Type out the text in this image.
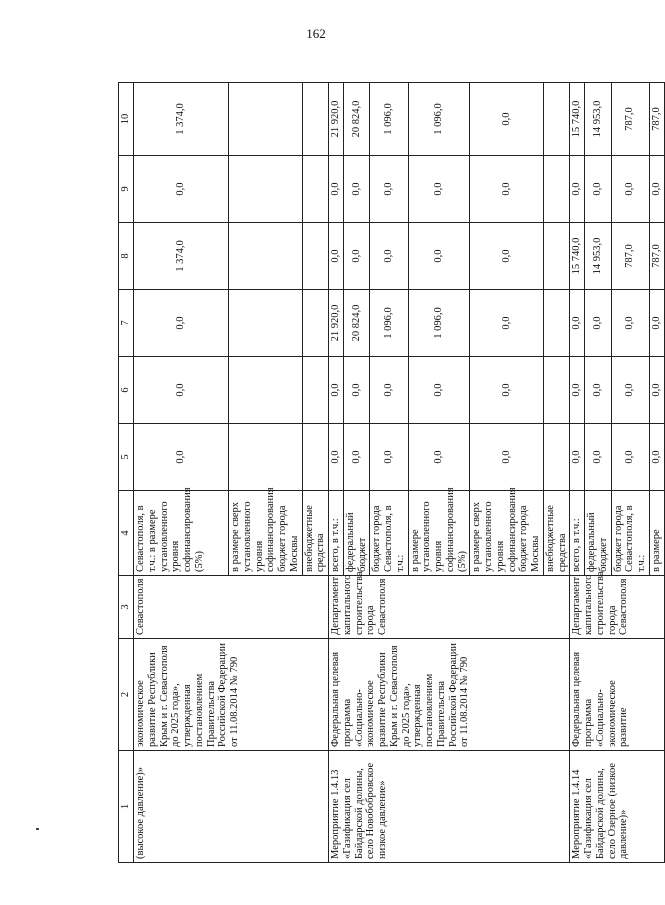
162
1	2	3	4	5	6	7	8	9	10
(высокое давление)»	экономическое развитие Республики Крым и г. Севастополя до 2025 года», утвержденная постановлением Правительства Российской Федерации от 11.08.2014 № 790	Севастополя	Севастополя, в т.ч.: в размере установленного уровня софинансирования (5%)	0,0	0,0	0,0	1 374,0	0,0	1 374,0
			в размере сверх установленного уровня софинансирования бюджет города Москвы						
			внебюджетные средства						
Мероприятие 1.4.13 «Газификация сел Байдарской долины, село Новобобровское низкое давление»	Федеральная целевая программа «Социально-экономическое развитие Республики Крым и г. Севастополя до 2025 года», утвержденная постановлением Правительства Российской Федерации от 11.08.2014 № 790	Департамент капитального строительства города Севастополя	всего, в т.ч.:	0,0	0,0	21 920,0	0,0	0,0	21 920,0
			федеральный бюджет	0,0	0,0	20 824,0	0,0	0,0	20 824,0
			бюджет города Севастополя, в т.ч.:	0,0	0,0	1 096,0	0,0	0,0	1 096,0
			в размере установленного уровня софинансирования (5%)	0,0	0,0	1 096,0	0,0	0,0	1 096,0
			в размере сверх установленного уровня софинансирования бюджет города Москвы	0,0	0,0	0,0	0,0	0,0	0,0
			внебюджетные средства						
Мероприятие 1.4.14 «Газификация сел Байдарской долины, село Озерное (низкое давление)»	Федеральная целевая программа «Социально-экономическое развитие	Департамент капитального строительства города Севастополя	всего, в т.ч.:	0,0	0,0	0,0	15 740,0	0,0	15 740,0
			федеральный бюджет	0,0	0,0	0,0	14 953,0	0,0	14 953,0
			бюджет города Севастополя, в т.ч.:	0,0	0,0	0,0	787,0	0,0	787,0
			в размере	0,0	0,0	0,0	787,0	0,0	787,0
